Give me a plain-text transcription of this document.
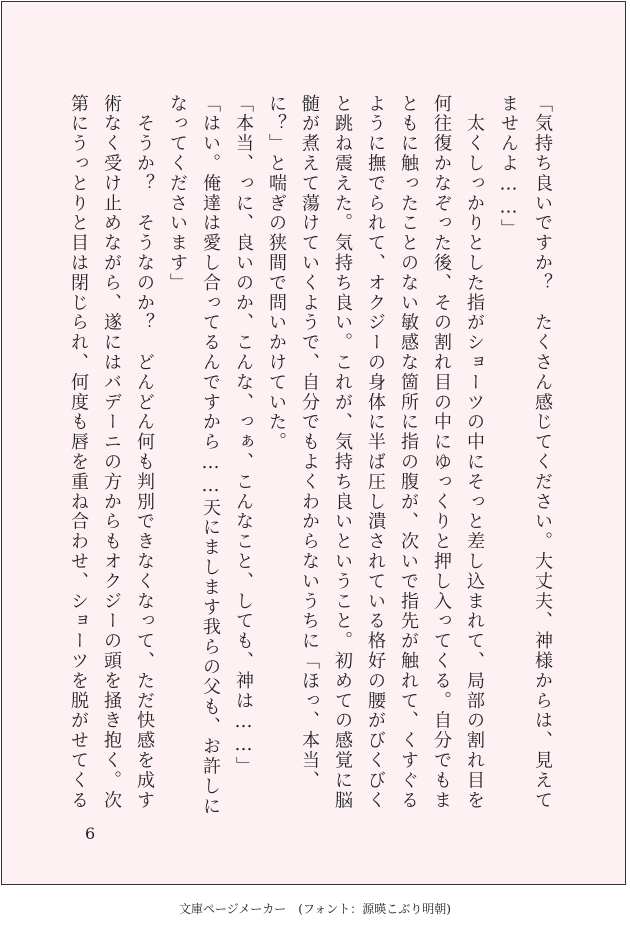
「気持ち良いですか？　たくさん感じてください。大丈夫、神様からは、見えて
ませんよ……」
　太くしっかりとした指がショーツの中にそっと差し込まれて、局部の割れ目を
何往復かなぞった後、その割れ目の中にゆっくりと押し入ってくる。自分でもま
ともに触ったことのない敏感な箇所に指の腹が、次いで指先が触れて、くすぐる
ように撫でられて、オクジーの身体に半ば圧し潰されている格好の腰がびくびく
と跳ね震えた。気持ち良い。これが、気持ち良いということ。初めての感覚に脳
髄が煮えて蕩けていくようで、自分でもよくわからないうちに「ほっ、本当、
に？」と喘ぎの狭間で問いかけていた。
「本当、っに、良いのか、こんな、っぁ、こんなこと、しても、神は……」
「はい。俺達は愛し合ってるんですから……天にまします我らの父も、お許しに
なってくださいます」
　そうか？　そうなのか？　どんどん何も判別できなくなって、ただ快感を成す
術なく受け止めながら、遂にはバデーニの方からもオクジーの頭を掻き抱く。次
第にうっとりと目は閉じられ、何度も唇を重ね合わせ、ショーツを脱がせてくる
6
文庫ページメーカー　(フォント：源暎こぶり明朝)
